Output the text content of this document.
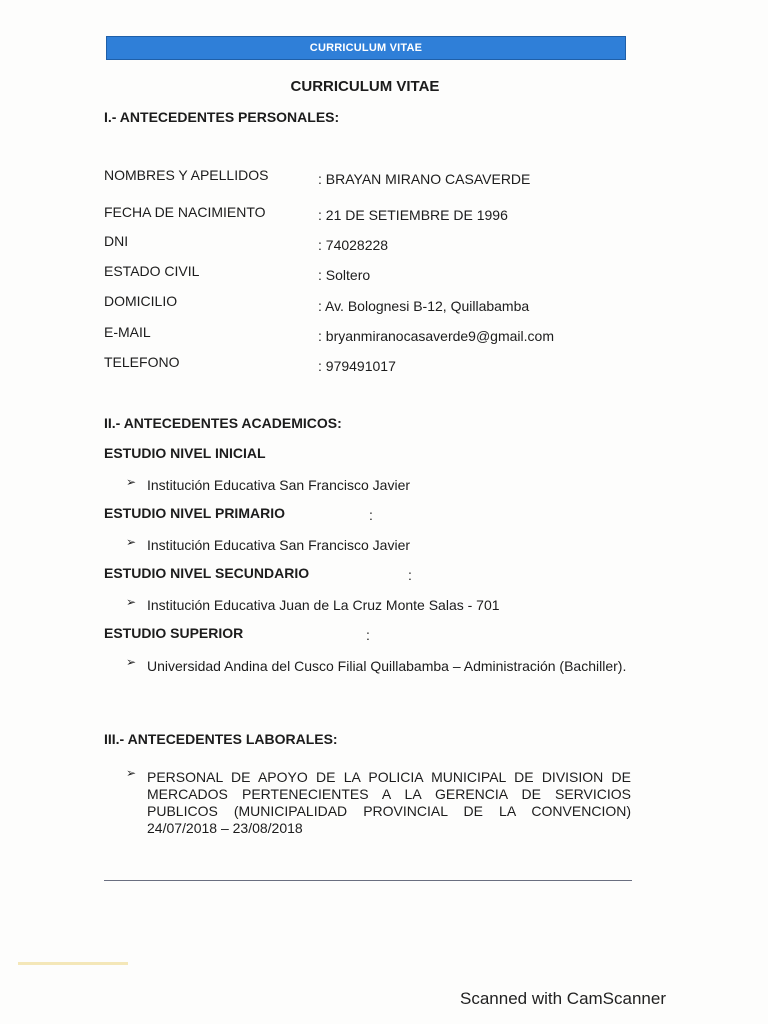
CURRICULUM VITAE
CURRICULUM VITAE
I.- ANTECEDENTES PERSONALES:
NOMBRES Y APELLIDOS	: BRAYAN MIRANO CASAVERDE
FECHA DE NACIMIENTO	: 21 DE SETIEMBRE DE 1996
DNI	: 74028228
ESTADO CIVIL	: Soltero
DOMICILIO	: Av. Bolognesi B-12, Quillabamba
E-MAIL	: bryanmiranocasaverde9@gmail.com
TELEFONO	: 979491017
II.- ANTECEDENTES ACADEMICOS:
ESTUDIO NIVEL INICIAL
➢ Institución Educativa San Francisco Javier
ESTUDIO NIVEL PRIMARIO	:
➢ Institución Educativa San Francisco Javier
ESTUDIO NIVEL SECUNDARIO	:
➢ Institución Educativa Juan de La Cruz Monte Salas - 701
ESTUDIO SUPERIOR	:
➢ Universidad Andina del Cusco Filial Quillabamba – Administración (Bachiller).
III.- ANTECEDENTES LABORALES:
➢ PERSONAL DE APOYO DE LA POLICIA MUNICIPAL DE DIVISION DE MERCADOS PERTENECIENTES A LA GERENCIA DE SERVICIOS PUBLICOS (MUNICIPALIDAD PROVINCIAL DE LA CONVENCION) 24/07/2018 – 23/08/2018
Scanned with CamScanner
